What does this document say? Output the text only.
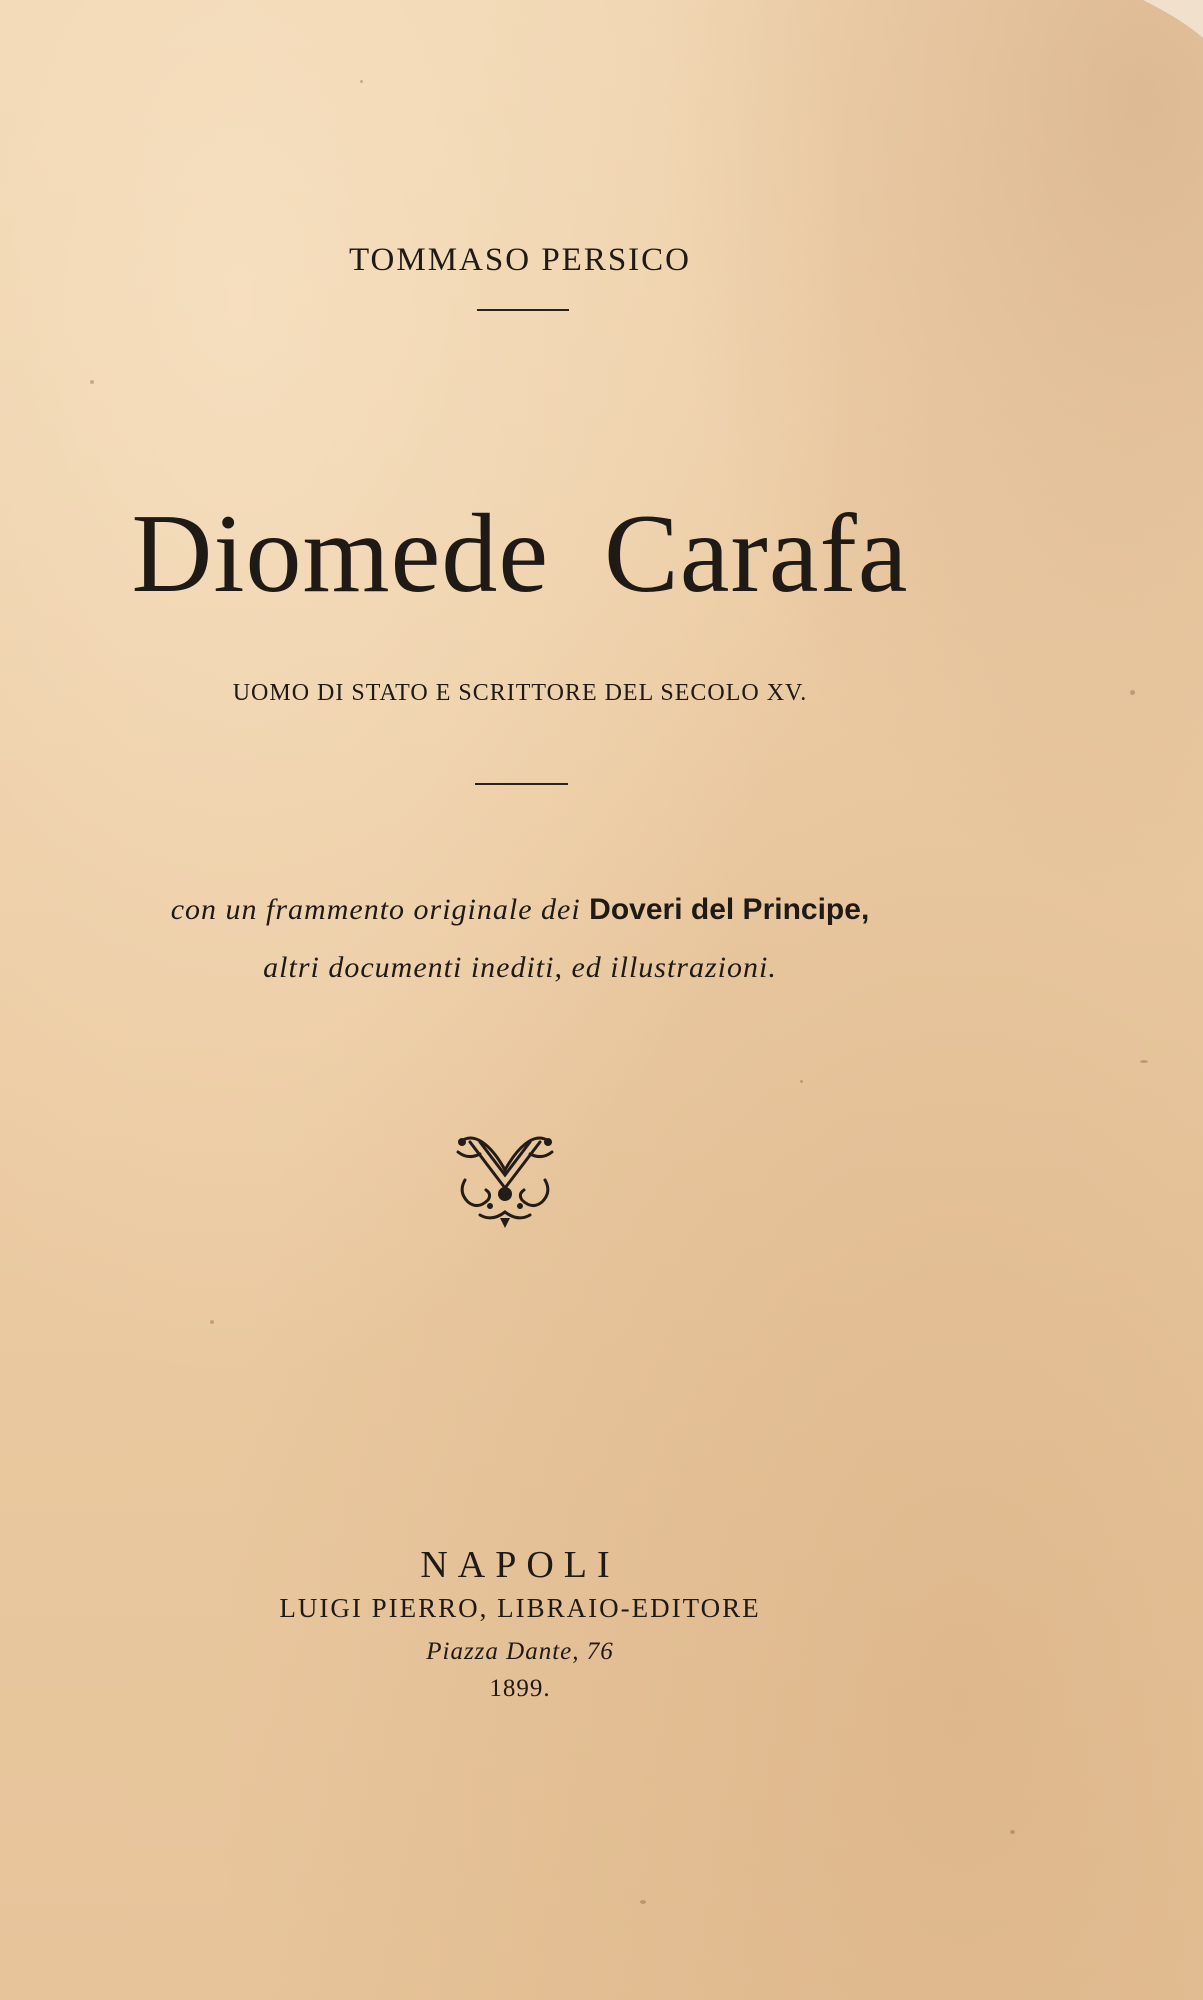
TOMMASO PERSICO
Diomede Carafa
UOMO DI STATO E SCRITTORE DEL SECOLO XV.
con un frammento originale dei Doveri del Principe,
altri documenti inediti, ed illustrazioni.
NAPOLI
LUIGI PIERRO, LIBRAIO-EDITORE
Piazza Dante, 76
1899.
